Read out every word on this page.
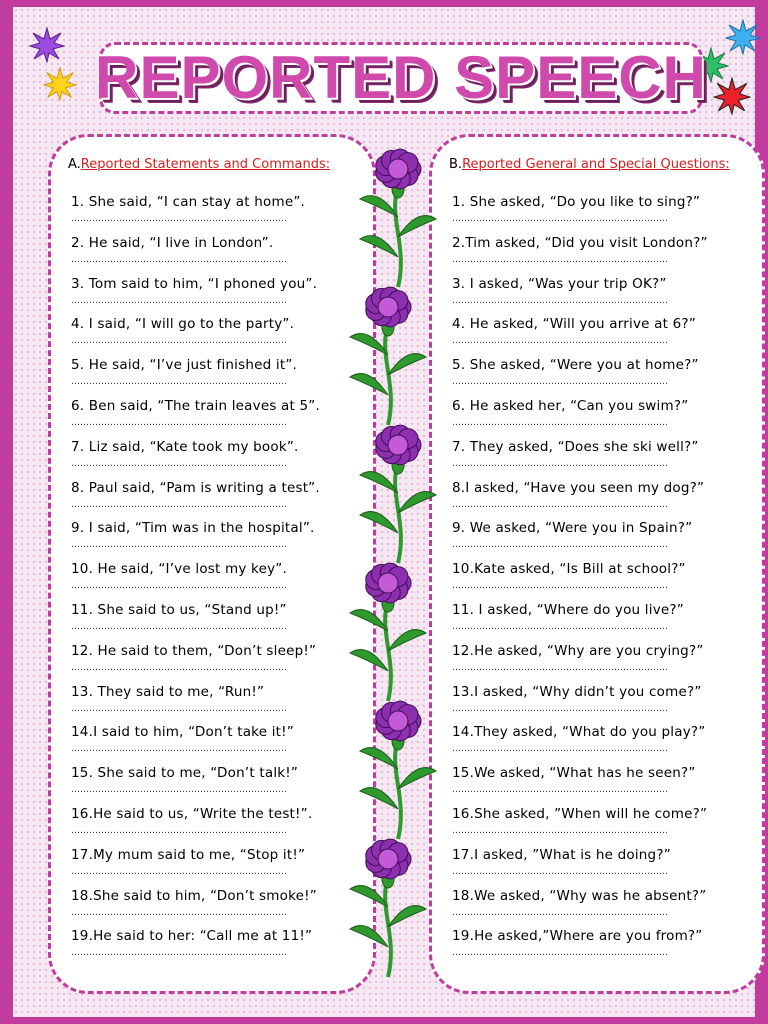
REPORTED SPEECH
A.Reported Statements and Commands:
1. She said, “I can stay at home”.
………………………………………………………………
2. He said, “I live in London”.
………………………………………………………………
3. Tom said to him, “I phoned you”.
………………………………………………………………
4. I said, “I will go to the party”.
………………………………………………………………
5. He said, “I’ve just finished it”.
………………………………………………………………
6. Ben said, “The train leaves at 5”.
………………………………………………………………
7. Liz said, “Kate took my book”.
………………………………………………………………
8. Paul said, “Pam is writing a test”.
………………………………………………………………
9. I said, “Tim was in the hospital”.
………………………………………………………………
10. He said, “I’ve lost my key”.
………………………………………………………………
11. She said to us, “Stand up!”
………………………………………………………………
12. He said to them, “Don’t sleep!”
………………………………………………………………
13. They said to me, “Run!”
………………………………………………………………
14.I said to him, “Don’t take it!”
………………………………………………………………
15. She said to me, “Don’t talk!”
………………………………………………………………
16.He said to us, “Write the test!”.
………………………………………………………………
17.My mum said to me, “Stop it!”
………………………………………………………………
18.She said to him, “Don’t smoke!”
………………………………………………………………
19.He said to her: “Call me at 11!”
………………………………………………………………
B.Reported General and Special Questions:
1. She asked, “Do you like to sing?”
………………………………………………………………
2.Tim asked, “Did you visit London?”
………………………………………………………………
3. I asked, “Was your trip OK?”
………………………………………………………………
4. He asked, “Will you arrive at 6?”
………………………………………………………………
5. She asked, “Were you at home?”
………………………………………………………………
6. He asked her, “Can you swim?”
………………………………………………………………
7. They asked, “Does she ski well?”
………………………………………………………………
8.I asked, “Have you seen my dog?”
………………………………………………………………
9. We asked, “Were you in Spain?”
………………………………………………………………
10.Kate asked, “Is Bill at school?”
………………………………………………………………
11. I asked, “Where do you live?”
………………………………………………………………
12.He asked, “Why are you crying?”
………………………………………………………………
13.I asked, “Why didn’t you come?”
………………………………………………………………
14.They asked, “What do you play?”
………………………………………………………………
15.We asked, “What has he seen?”
………………………………………………………………
16.She asked, ”When will he come?”
………………………………………………………………
17.I asked, ”What is he doing?”
………………………………………………………………
18.We asked, “Why was he absent?”
………………………………………………………………
19.He asked,”Where are you from?”
………………………………………………………………
